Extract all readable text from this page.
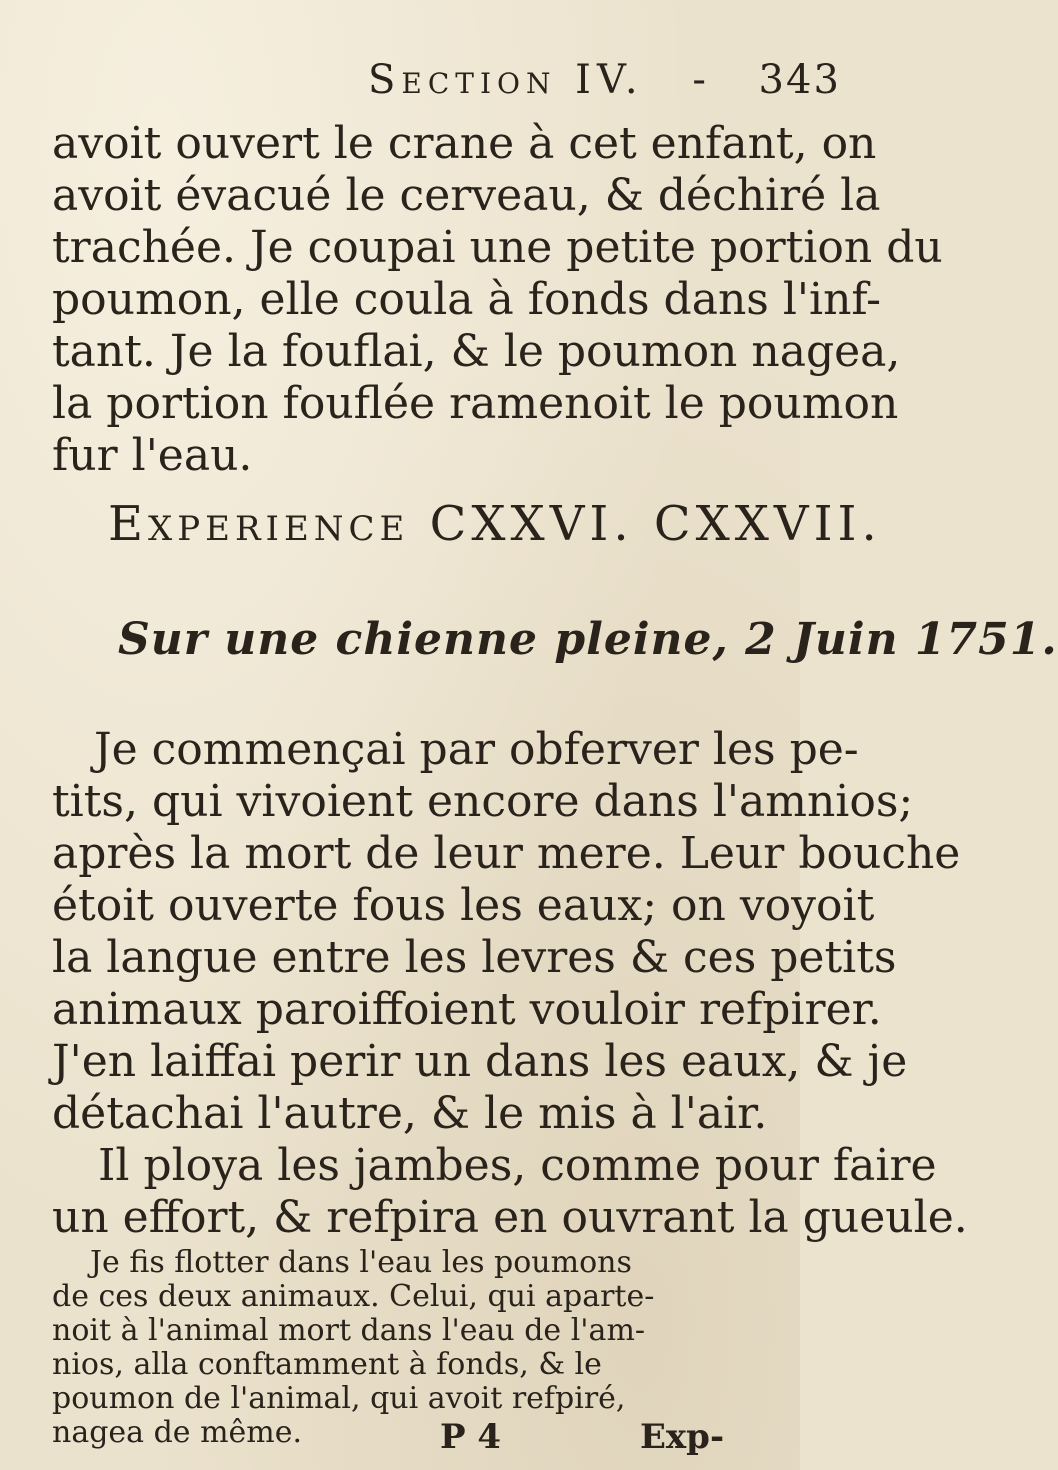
Section IV. - 343
avoit ouvert le crane à cet enfant, on
avoit évacué le cerveau, & déchiré la
trachée. Je coupai une petite portion du
poumon, elle coula à fonds dans l'inf-
tant. Je la fouflai, & le poumon nagea,
la portion fouflée ramenoit le poumon
fur l'eau.
Experience CXXVI. CXXVII.
Sur une chienne pleine, 2 Juin 1751.
Je commençai par obferver les pe-
tits, qui vivoient encore dans l'amnios;
après la mort de leur mere. Leur bouche
étoit ouverte fous les eaux; on voyoit
la langue entre les levres & ces petits
animaux paroiffoient vouloir refpirer.
J'en laiffai perir un dans les eaux, & je
détachai l'autre, & le mis à l'air.
Il ploya les jambes, comme pour faire
un effort, & refpira en ouvrant la gueule.
Je fis flotter dans l'eau les poumons
de ces deux animaux. Celui, qui aparte-
noit à l'animal mort dans l'eau de l'am-
nios, alla conftamment à fonds, & le
poumon de l'animal, qui avoit refpiré,
nagea de même.	P 4	Exp-
